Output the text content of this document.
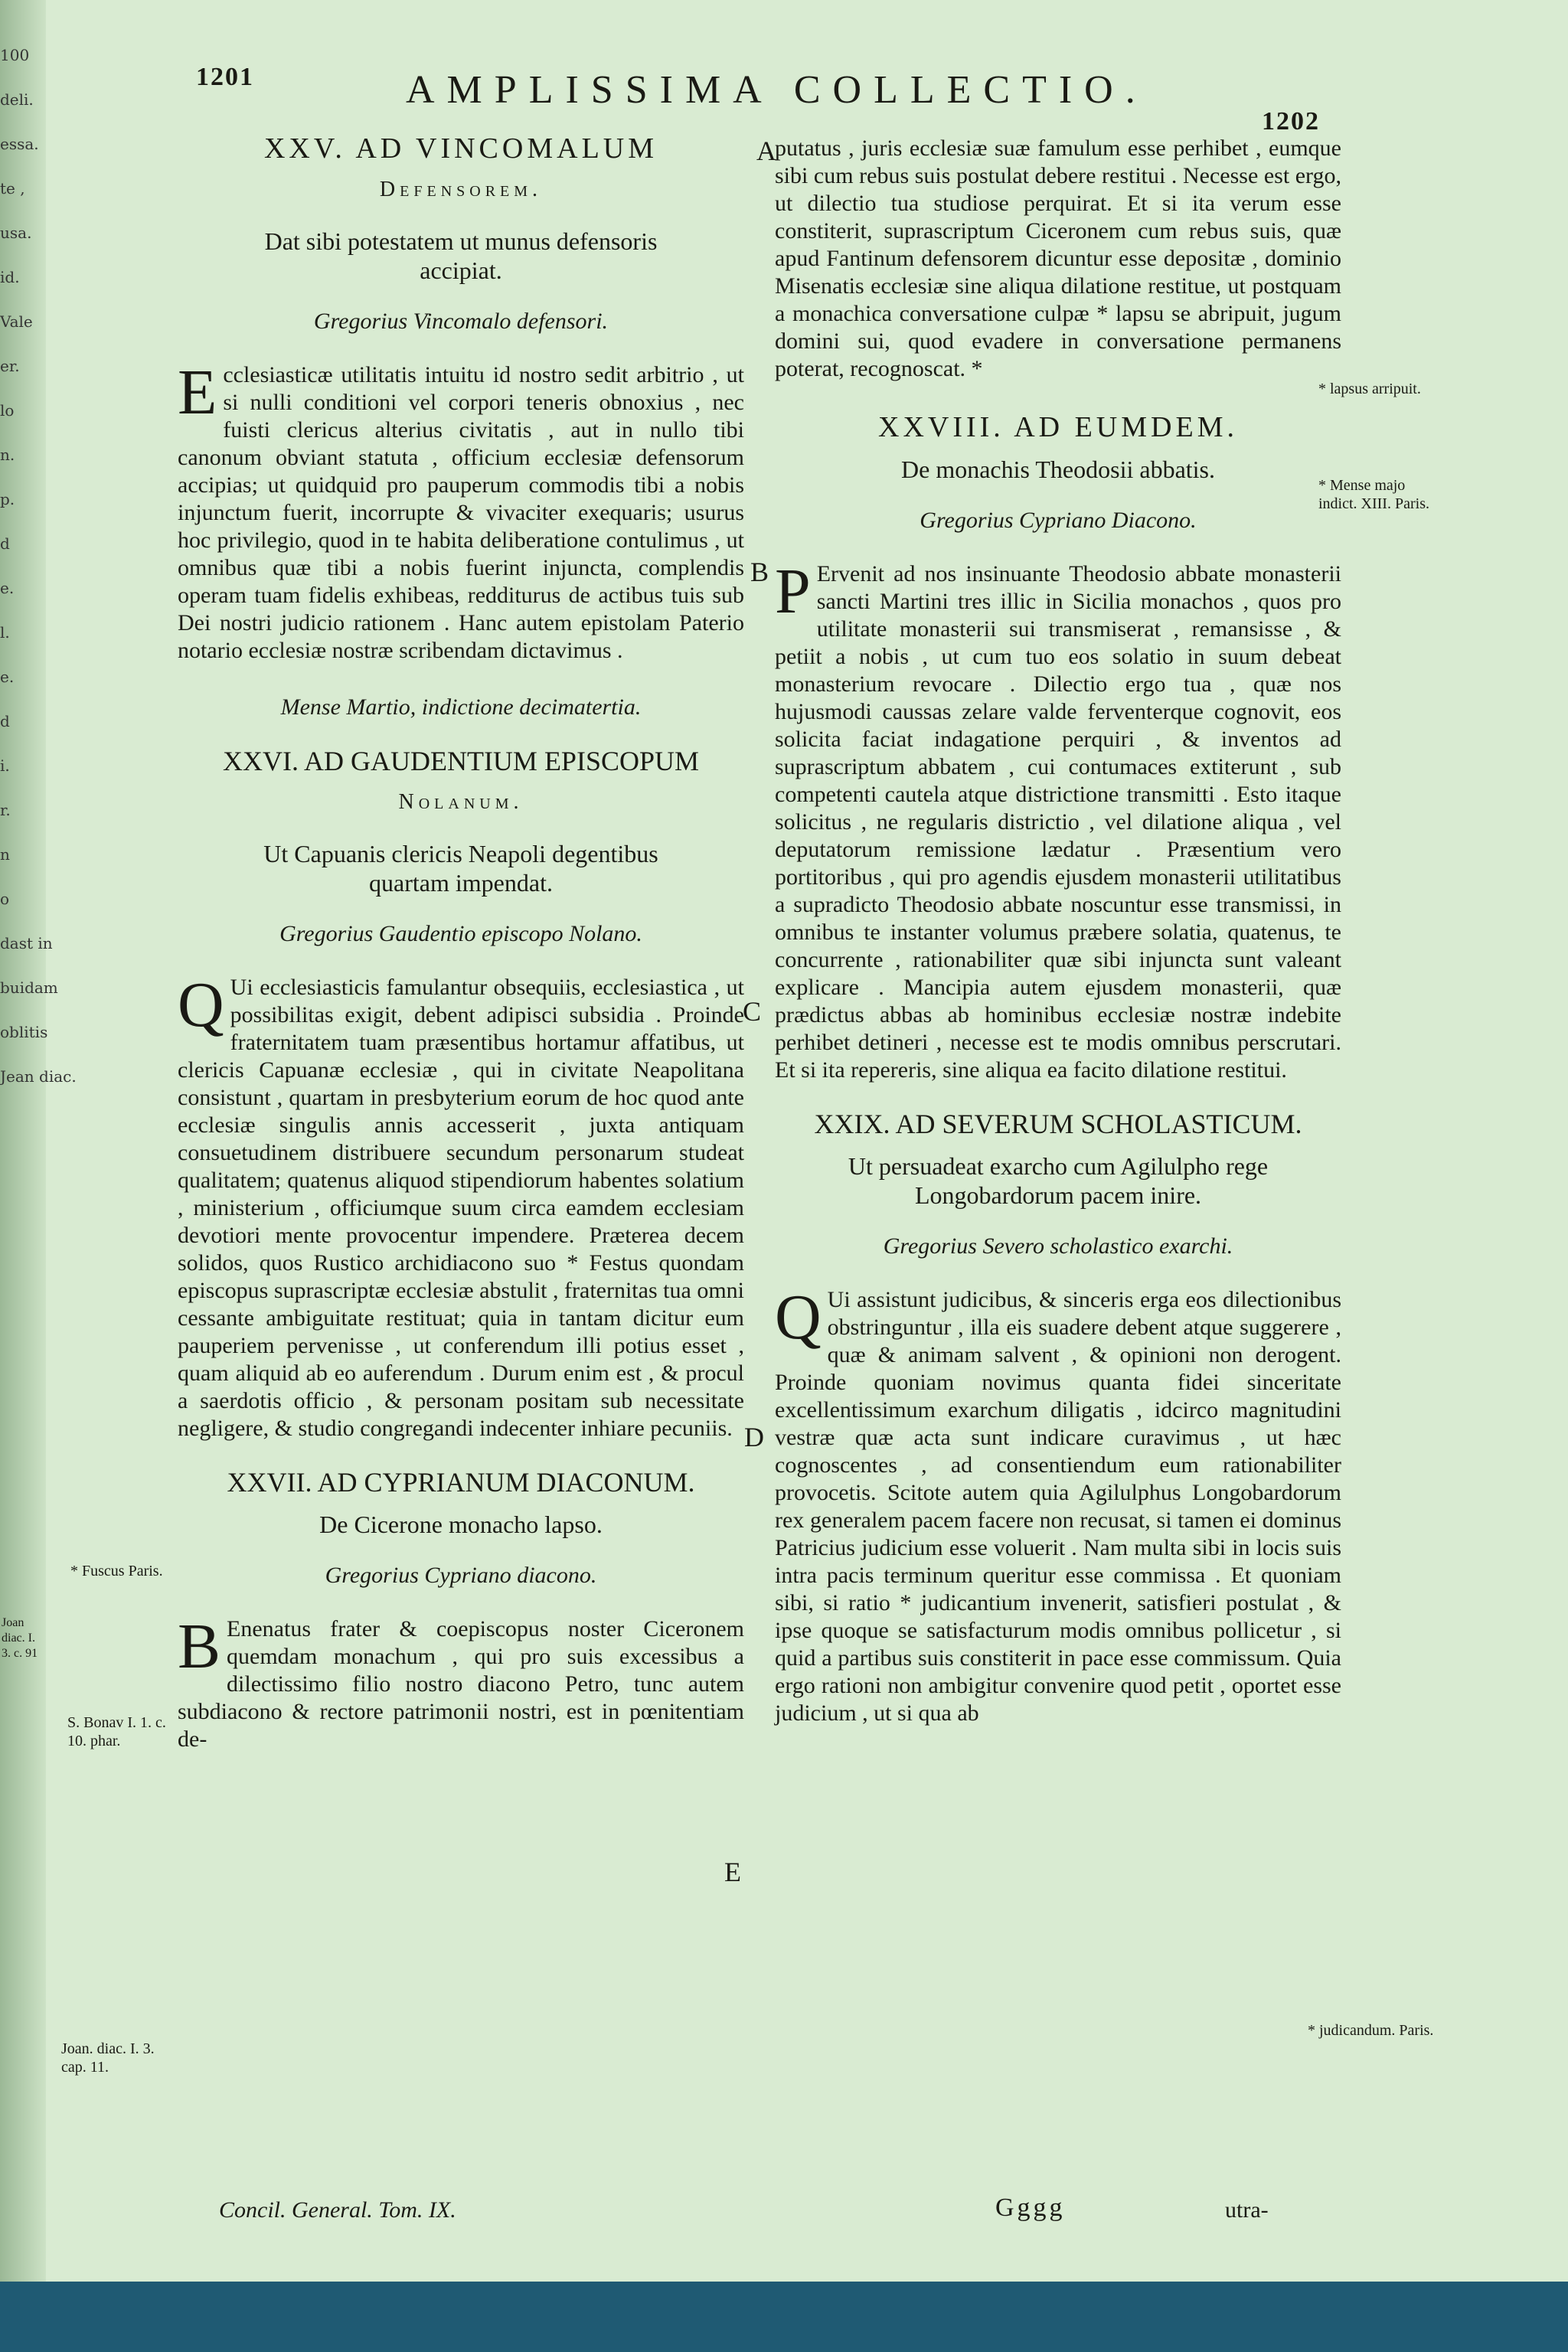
100
deli.
essa.
te ,
usa.
id.
Vale
er.
lo
n.
p.
d
e.
l.
e.
d
i.
r.
n
o
dast in
buidam
oblitis
Jean diac.
1201	AMPLISSIMA COLLECTIO.
1202
XXV. AD VINCOMALUM
Defensorem.
Dat sibi potestatem ut munus defensoris accipiat.
Gregorius Vincomalo defensori.
Ecclesiasticæ utilitatis intuitu id nostro sedit arbitrio , ut si nulli conditioni vel corpori teneris obnoxius , nec fuisti clericus alterius civitatis , aut in nullo tibi canonum obviant statuta , officium ecclesiæ defensorum accipias; ut quidquid pro pauperum commodis tibi a nobis injunctum fuerit, incorrupte & vivaciter exequaris; usurus hoc privilegio, quod in te habita deliberatione contulimus , ut omnibus quæ tibi a nobis fuerint injuncta, complendis operam tuam fidelis exhibeas, redditurus de actibus tuis sub Dei nostri judicio rationem . Hanc autem epistolam Paterio notario ecclesiæ nostræ scribendam dictavimus .
Mense Martio, indictione decimatertia.
XXVI. AD GAUDENTIUM EPISCOPUM
Nolanum.
Ut Capuanis clericis Neapoli degentibus quartam impendat.
Gregorius Gaudentio episcopo Nolano.
Q Ui ecclesiasticis famulantur obsequiis, ecclesiastica , ut possibilitas exigit, debent adipisci subsidia . Proinde fraternitatem tuam præsentibus hortamur affatibus, ut clericis Capuanæ ecclesiæ , qui in civitate Neapolitana consistunt , quartam in presbyterium eorum de hoc quod ante ecclesiæ singulis annis accesserit , juxta antiquam consuetudinem distribuere secundum personarum studeat qualitatem; quatenus aliquod stipendiorum habentes solatium , ministerium , officiumque suum circa eamdem ecclesiam devotiori mente provocentur impendere. Præterea decem solidos, quos Rustico archidiacono suo * Festus quondam episcopus suprascriptæ ecclesiæ abstulit , fraternitas tua omni cessante ambiguitate restituat; quia in tantam dicitur eum pauperiem pervenisse , ut conferendum illi potius esset , quam aliquid ab eo auferendum . Durum enim est , & procul a saerdotis officio , & personam positam sub necessitate negligere, & studio congregandi indecenter inhiare pecuniis.
XXVII. AD CYPRIANUM DIACONUM.
De Cicerone monacho lapso.
Gregorius Cypriano diacono.
B Enenatus frater & coepiscopus noster Ciceronem quemdam monachum , qui pro suis excessibus a dilectissimo filio nostro diacono Petro, tunc autem subdiacono & rectore patrimonii nostri, est in pœnitentiam de-
putatus , juris ecclesiæ suæ famulum esse perhibet , eumque sibi cum rebus suis postulat debere restitui . Necesse est ergo, ut dilectio tua studiose perquirat. Et si ita verum esse constiterit, suprascriptum Ciceronem cum rebus suis, quæ apud Fantinum defensorem dicuntur esse depositæ , dominio Misenatis ecclesiæ sine aliqua dilatione restitue, ut postquam a monachica conversatione culpæ * lapsu se abripuit, jugum domini sui, quod evadere in conversatione permanens poterat, recognoscat. *
XXVIII. AD EUMDEM.
De monachis Theodosii abbatis.
Gregorius Cypriano Diacono.
P Ervenit ad nos insinuante Theodosio abbate monasterii sancti Martini tres illic in Sicilia monachos , quos pro utilitate monasterii sui transmiserat , remansisse , & petiit a nobis , ut cum tuo eos solatio in suum debeat monasterium revocare . Dilectio ergo tua , quæ nos hujusmodi caussas zelare valde ferventerque cognovit, eos solicita faciat indagatione perquiri , & inventos ad suprascriptum abbatem , cui contumaces extiterunt , sub competenti cautela atque districtione transmitti . Esto itaque solicitus , ne regularis districtio , vel dilatione aliqua , vel deputatorum remissione lædatur . Præsentium vero portitoribus , qui pro agendis ejusdem monasterii utilitatibus a supradicto Theodosio abbate noscuntur esse transmissi, in omnibus te instanter volumus præbere solatia, quatenus, te concurrente , rationabiliter quæ sibi injuncta sunt valeant explicare . Mancipia autem ejusdem monasterii, quæ prædictus abbas ab hominibus ecclesiæ nostræ indebite perhibet detineri , necesse est te modis omnibus perscrutari. Et si ita repereris, sine aliqua ea facito dilatione restitui.
XXIX. AD SEVERUM SCHOLASTICUM.
Ut persuadeat exarcho cum Agilulpho rege Longobardorum pacem inire.
Gregorius Severo scholastico exarchi.
Q Ui assistunt judicibus, & sinceris erga eos dilectionibus obstringuntur , illa eis suadere debent atque suggerere , quæ & animam salvent , & opinioni non derogent. Proinde quoniam novimus quanta fidei sinceritate excellentissimum exarchum diligatis , idcirco magnitudini vestræ quæ acta sunt indicare curavimus , ut hæc cognoscentes , ad consentiendum eum rationabiliter provocetis. Scitote autem quia Agilulphus Longobardorum rex generalem pacem facere non recusat, si tamen ei dominus Patricius judicium esse voluerit . Nam multa sibi in locis suis intra pacis terminum queritur esse commissa . Et quoniam sibi, si ratio * judicantium invenerit, satisfieri postulat , & ipse quoque se satisfacturum modis omnibus pollicetur , si quid a partibus suis constiterit in pace esse commissum. Quia ergo rationi non ambigitur convenire quod petit , oportet esse judicium , ut si qua ab
* lapsus arripuit.
* Mense majo indict. XIII. Paris.
* Fuscus Paris.
Joan diac. I. 3. c. 91
S. Bonav I. 1. c. 10. phar.
Joan. diac. I. 3. cap. 11.
* judicandum. Paris.
A
B
C
D
E
Concil. General. Tom. IX.	Gggg	utra-
